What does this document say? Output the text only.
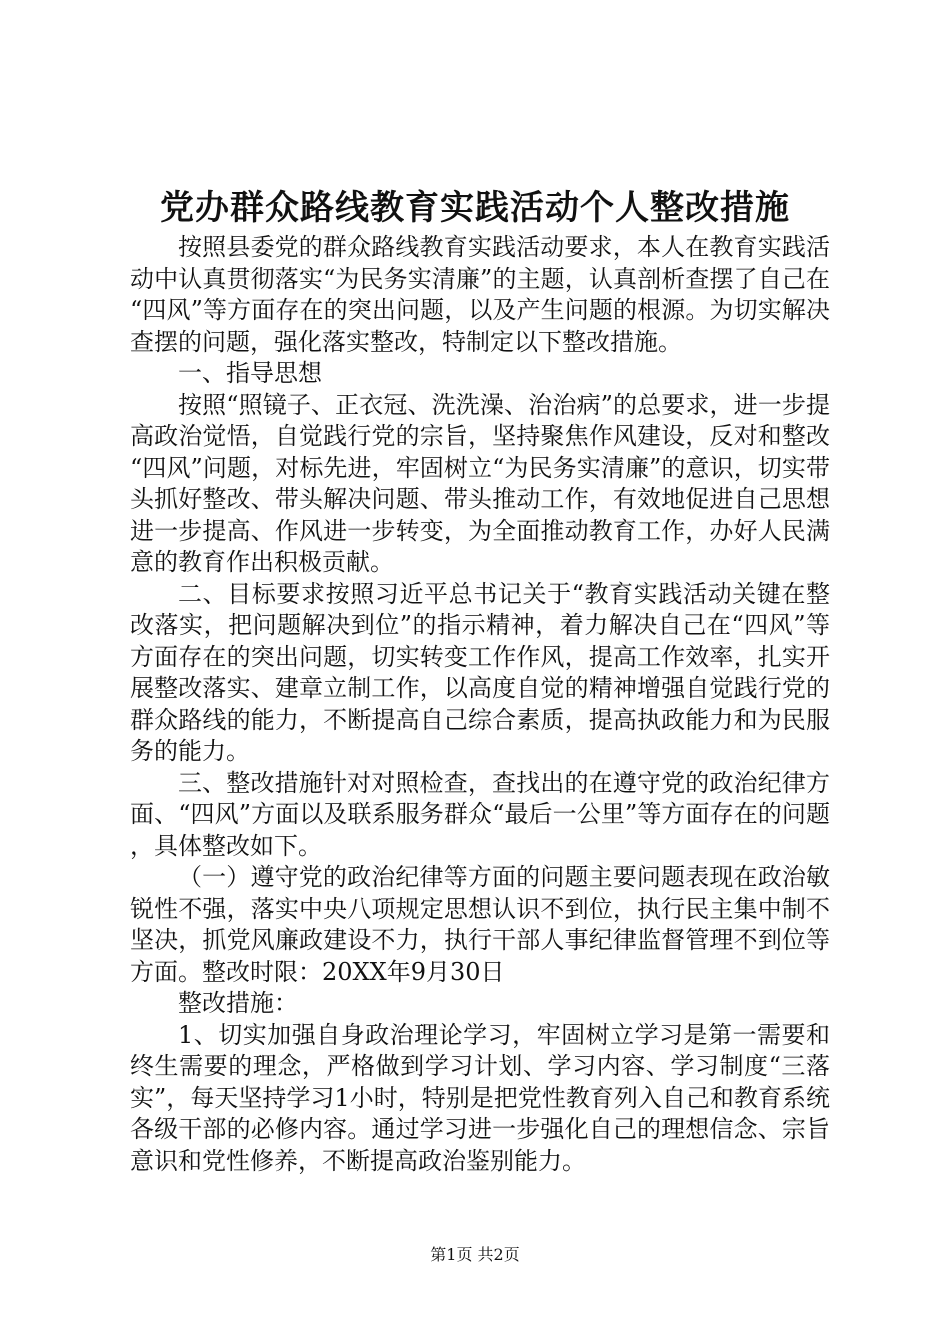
党办群众路线教育实践活动个人整改措施

按照县委党的群众路线教育实践活动要求，本人在教育实践活动中认真贯彻落实“为民务实清廉”的主题，认真剖析查摆了自己在“四风”等方面存在的突出问题，以及产生问题的根源。为切实解决查摆的问题，强化落实整改，特制定以下整改措施。

一、指导思想

按照“照镜子、正衣冠、洗洗澡、治治病”的总要求，进一步提高政治觉悟，自觉践行党的宗旨，坚持聚焦作风建设，反对和整改“四风”问题，对标先进，牢固树立“为民务实清廉”的意识，切实带头抓好整改、带头解决问题、带头推动工作，有效地促进自己思想进一步提高、作风进一步转变，为全面推动教育工作，办好人民满意的教育作出积极贡献。

二、目标要求按照习近平总书记关于“教育实践活动关键在整改落实，把问题解决到位”的指示精神，着力解决自己在“四风”等方面存在的突出问题，切实转变工作作风，提高工作效率，扎实开展整改落实、建章立制工作，以高度自觉的精神增强自觉践行党的群众路线的能力，不断提高自己综合素质，提高执政能力和为民服务的能力。

三、整改措施针对对照检查，查找出的在遵守党的政治纪律方面、“四风”方面以及联系服务群众“最后一公里”等方面存在的问题，具体整改如下。

（一）遵守党的政治纪律等方面的问题主要问题表现在政治敏锐性不强，落实中央八项规定思想认识不到位，执行民主集中制不坚决，抓党风廉政建设不力，执行干部人事纪律监督管理不到位等方面。整改时限：20XX年9月30日

整改措施：

1、切实加强自身政治理论学习，牢固树立学习是第一需要和终生需要的理念，严格做到学习计划、学习内容、学习制度“三落实”，每天坚持学习1小时，特别是把党性教育列入自己和教育系统各级干部的必修内容。通过学习进一步强化自己的理想信念、宗旨意识和党性修养，不断提高政治鉴别能力。

第1页 共2页
